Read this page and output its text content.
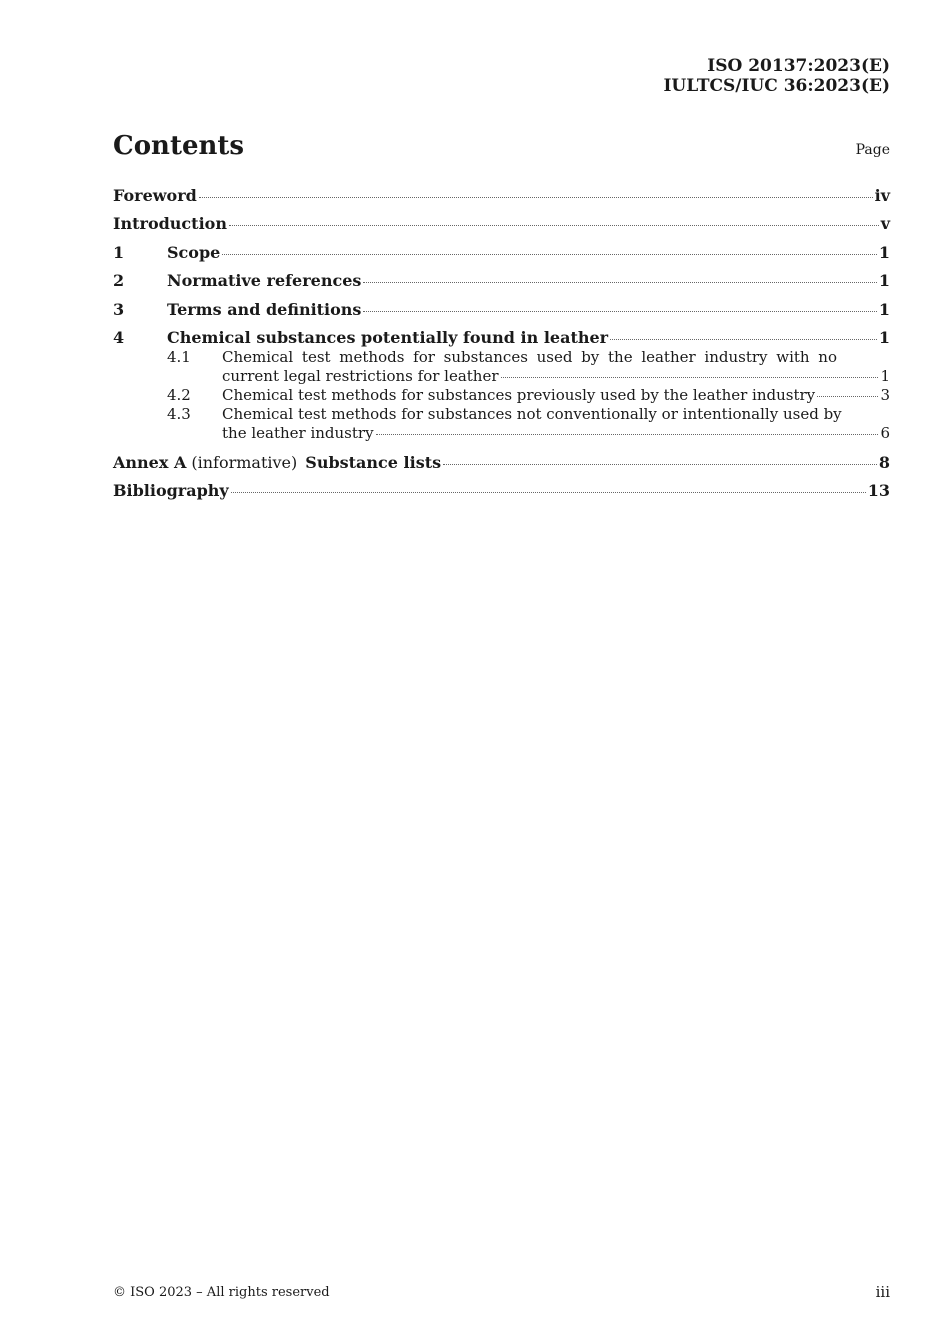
ISO 20137:2023(E)
IULTCS/IUC 36:2023(E)
Contents	Page
Foreword	iv
Introduction	v
1	Scope	1
2	Normative references	1
3	Terms and definitions	1
4	Chemical substances potentially found in leather	1
4.1	Chemical test methods for substances used by the leather industry with no
current legal restrictions for leather	1
4.2	Chemical test methods for substances previously used by the leather industry	3
4.3	Chemical test methods for substances not conventionally or intentionally used by
the leather industry	6
Annex A (informative) Substance lists	8
Bibliography	13
© ISO 2023 – All rights reserved	iii
